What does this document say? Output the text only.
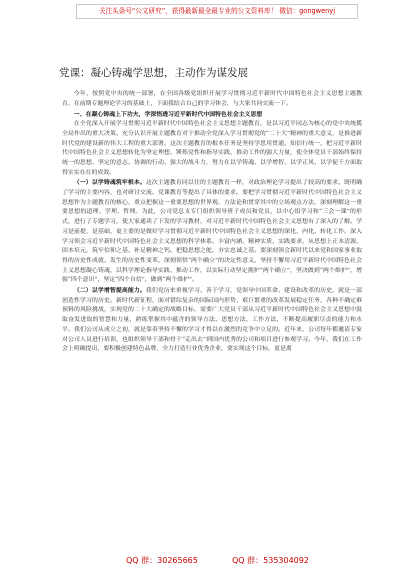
关注头条号“公文研究”，获得最新最全最专业的公文资料库！ 微信：gongwenyj
党课：凝心铸魂学思想，主动作为谋发展

今年，按照党中央的统一部署，在全国各级党组织开展学习贯彻习近平新时代中国特色社会主义思想主题教育。在前期专题理论学习的基础上，下面我结合自己的学习体会，与大家共同交流一下。

一、在凝心铸魂上下功夫，学深悟透习近平新时代中国特色社会主义思想

在全党深入开展学习贯彻习近平新时代中国特色社会主义思想主题教育，是以习近平同志为核心的党中央统揽全局作出的重大决策。充分认识开展主题教育对于推动全党深入学习贯彻党的“二十大”精神的重大意义，是推进新时代党的建设新的伟大工程的重大部署。这次主题教育的根本任务是坚持学思用贯通、知信行统一，把习近平新时代中国特色社会主义思想转化为坚定理想、锤炼党性和指导实践、推动工作的强大力量，使全体党员干部始终保持统一的思想、坚定的意志、协调的行动、强大的战斗力，努力在以学铸魂、以学增智、以学正风、以学促干方面取得实实在在的成效。

（一）以学铸魂筑牢根本。这次主题教育同以往的主题教育一样，对政治理论学习提出了较高的要求。既明确了学习的主要内容，也对研讨交流、党课教育等提出了具体的要求。要把学习贯彻习近平新时代中国特色社会主义思想作为主题教育的核心，重点把握这一重要思想的世界观、方法论和贯穿其中的立场观点方法，深刻理解这一重要思想的道理、学理、哲理。为此，公司党总支专门组织领导班子成员和党员，以中心组学习和“三会一课”的形式，进行了专题学习，使大家通读了下发的学习教材，对习近平新时代中国特色社会主义思想有了深入的了解。学习是前提，是基础，更主要的是做好学习贯彻习近平新时代中国特色社会主义思想的深化、内化、转化工作。深入学习领会习近平新时代中国特色社会主义思想的科学体系、丰富内涵、精神实质、实践要求，从思想上正本清源、固本培元，筑牢信仰之基、补足精神之钙、把稳思想之舵，夯实忠诚之基。要深刻领会新时代以来党和国家事业取得的历史性成就、发生的历史性变革，深刻领悟“两个确立”的决定性意义，坚持不懈用习近平新时代中国特色社会主义思想凝心铸魂，以科学理论指导实践、推动工作，以实际行动坚定拥护“两个确立”，坚决做到“两个维护”，增强“四个意识”，坚定“四个自信”，做到“两个维护”。

（二）以学增智提高能力。我们党历来重视学习、善于学习，党领导中国革命、建设和改革的历史，就是一部创造性学习的历史。新时代新征程，面对错综复杂的国际国内形势，艰巨繁重的改革发展稳定任务，各种不确定难预料的风险挑战，实现党的二十大确定的战略目标，需要广大党员干部从习近平新时代中国特色社会主义思想中汲取奋发进取的智慧和力量，熟练掌握其中蕴含的领导方法、思想方法、工作方法，不断提高履职尽责的能力和水平。我们公司从成立之初，就是靠着坚持不懈的学习才得以在激烈的竞争中立足的。近年来，公司每年都邀请专家对公司人员进行培训，也组织领导干部和骨干“走出去”到国内优秀的公司和项目进行参观学习。今年，我们在工作会上明确提出，要积极创建特色品牌，全力打造行业优秀企业，要实现这个目标，更是离

QQ 群：30265665	QQ 群：535304092
